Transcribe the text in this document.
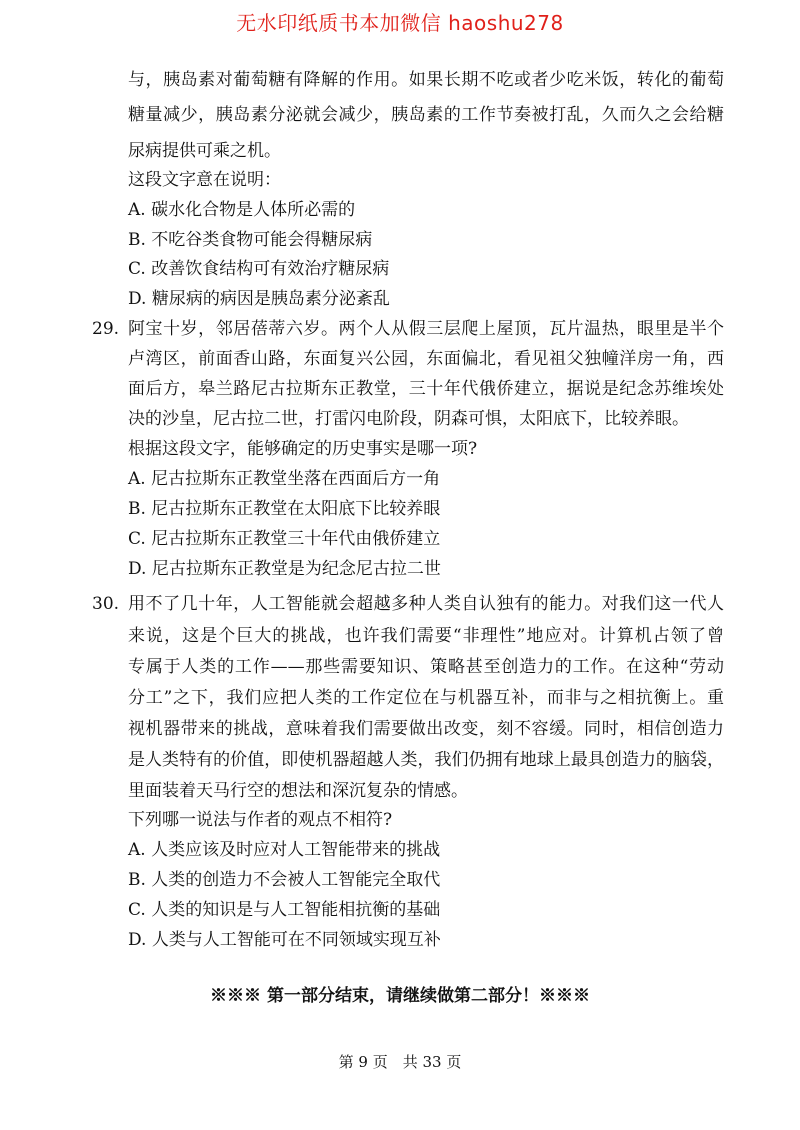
无水印纸质书本加微信 haoshu278
与，胰岛素对葡萄糖有降解的作用。如果长期不吃或者少吃米饭，转化的葡萄
糖量减少，胰岛素分泌就会减少，胰岛素的工作节奏被打乱，久而久之会给糖
尿病提供可乘之机。
这段文字意在说明：
A. 碳水化合物是人体所必需的
B. 不吃谷类食物可能会得糖尿病
C. 改善饮食结构可有效治疗糖尿病
D. 糖尿病的病因是胰岛素分泌紊乱
29. 阿宝十岁，邻居蓓蒂六岁。两个人从假三层爬上屋顶，瓦片温热，眼里是半个
卢湾区，前面香山路，东面复兴公园，东面偏北，看见祖父独幢洋房一角，西
面后方，皋兰路尼古拉斯东正教堂，三十年代俄侨建立，据说是纪念苏维埃处
决的沙皇，尼古拉二世，打雷闪电阶段，阴森可惧，太阳底下，比较养眼。
根据这段文字，能够确定的历史事实是哪一项?
A. 尼古拉斯东正教堂坐落在西面后方一角
B. 尼古拉斯东正教堂在太阳底下比较养眼
C. 尼古拉斯东正教堂三十年代由俄侨建立
D. 尼古拉斯东正教堂是为纪念尼古拉二世
30. 用不了几十年，人工智能就会超越多种人类自认独有的能力。对我们这一代人
来说，这是个巨大的挑战，也许我们需要“非理性”地应对。计算机占领了曾
专属于人类的工作——那些需要知识、策略甚至创造力的工作。在这种“劳动
分工”之下，我们应把人类的工作定位在与机器互补，而非与之相抗衡上。重
视机器带来的挑战，意味着我们需要做出改变，刻不容缓。同时，相信创造力
是人类特有的价值，即使机器超越人类，我们仍拥有地球上最具创造力的脑袋，
里面装着天马行空的想法和深沉复杂的情感。
下列哪一说法与作者的观点不相符?
A. 人类应该及时应对人工智能带来的挑战
B. 人类的创造力不会被人工智能完全取代
C. 人类的知识是与人工智能相抗衡的基础
D. 人类与人工智能可在不同领域实现互补
※※※ 第一部分结束，请继续做第二部分！※※※
第 9 页　共 33 页
